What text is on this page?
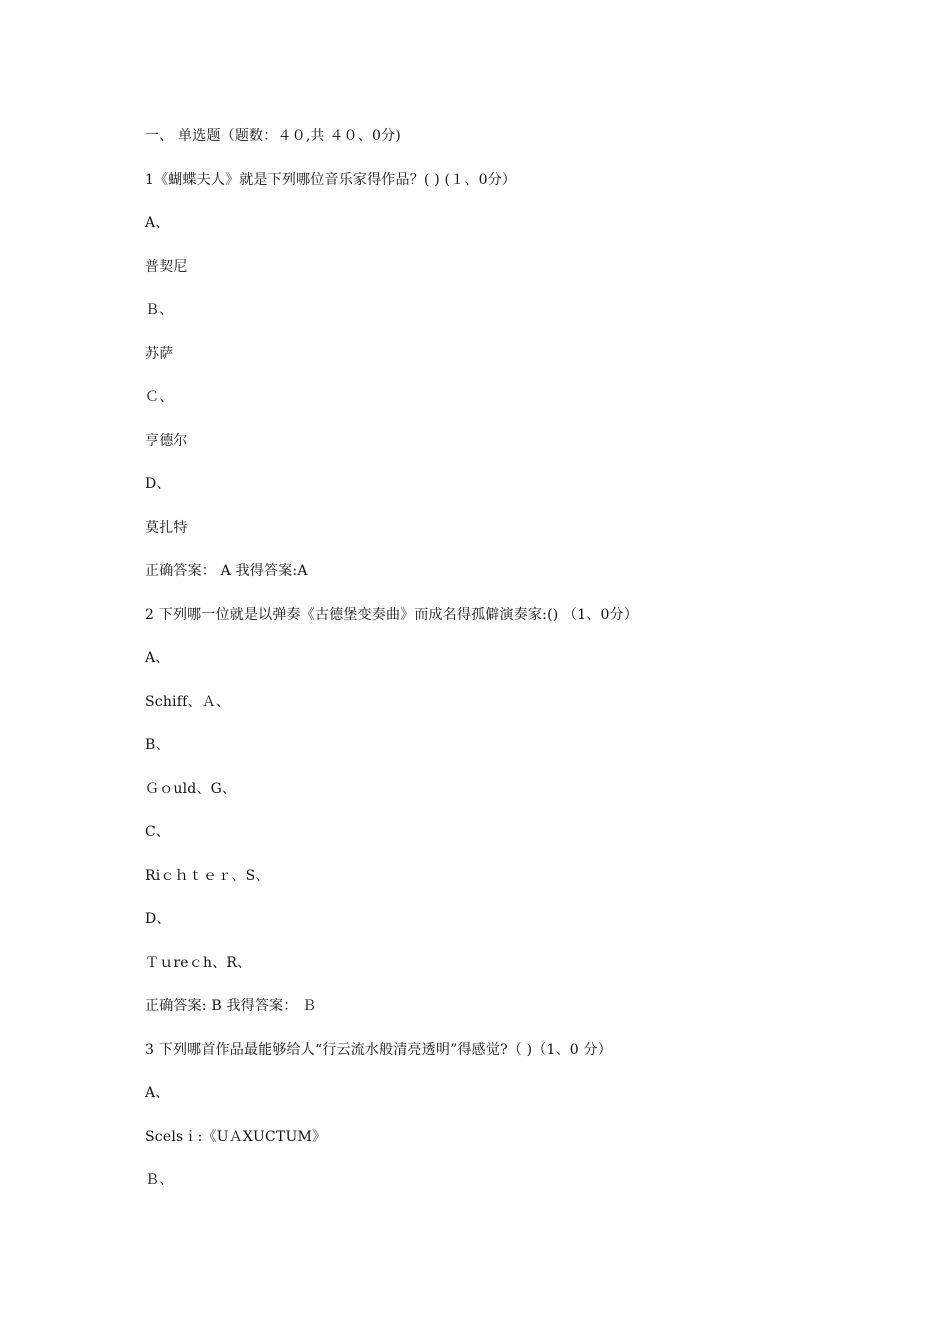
一、 单选题（题数：４０,共 ４０、0分)
1《蝴蝶夫人》就是下列哪位音乐家得作品？( ) (１、0分）
A、
普契尼
Ｂ、
苏萨
Ｃ、
亨德尔
D、
莫扎特
正确答案： A 我得答案:A
2 下列哪一位就是以弹奏《古德堡变奏曲》而成名得孤僻演奏家:() （1、0分）
A、
Schiff、Ａ、
B、
Ｇｏuld、G、
C、
Riｃｈｔｅｒ、S、
D、
Ｔｕreｃh、R、
正确答案: B 我得答案： Ｂ
3 下列哪首作品最能够给人“行云流水般清亮透明”得感觉?（ )（1、0 分）
A、
Scelsｉ:《UＡXUCTUM》
Ｂ、
